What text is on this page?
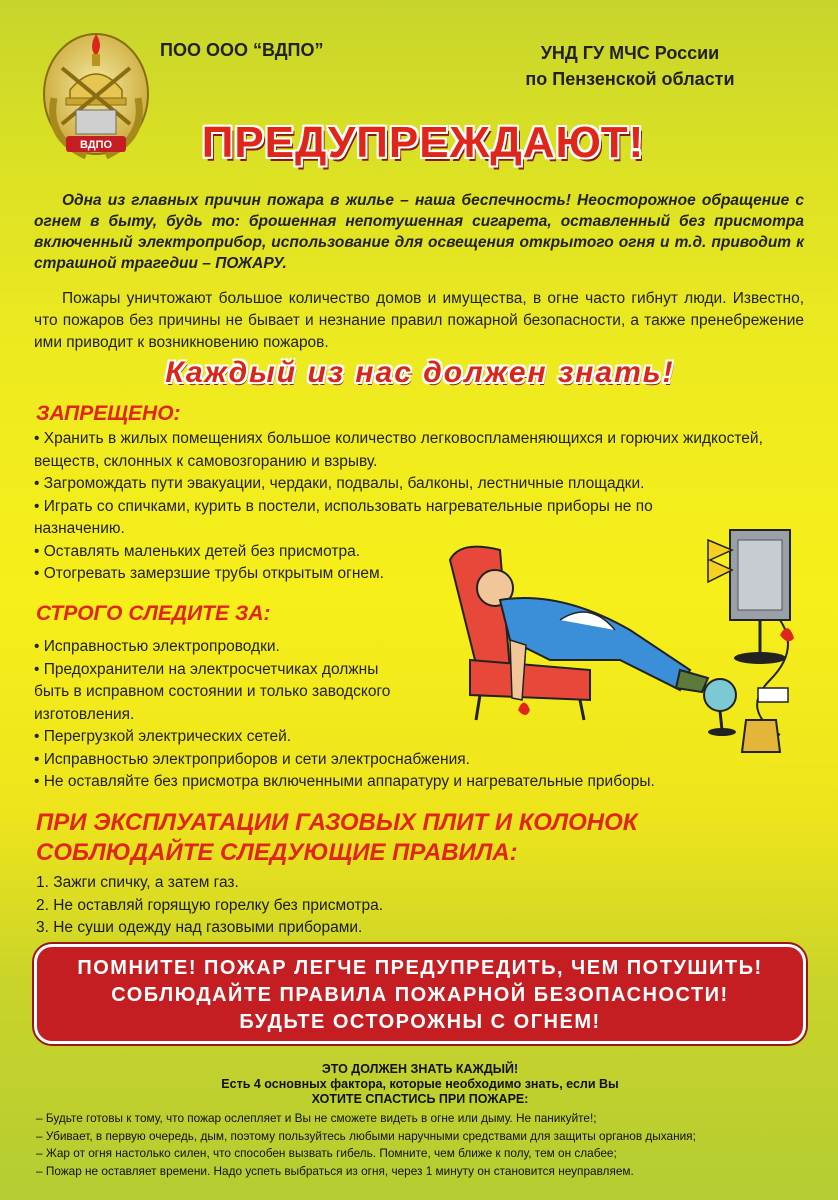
ВДПО
ПОО ООО “ВДПО”	УНД ГУ МЧС России
по Пензенской области
ПРЕДУПРЕЖДАЮТ!
Одна из главных причин пожара в жилье – наша беспечность! Неосторожное обращение с огнем в быту, будь то: брошенная непотушенная сигарета, оставленный без присмотра включенный электроприбор, использование для освещения открытого огня и т.д. приводит к страшной трагедии – ПОЖАРУ.
Пожары уничтожают большое количество домов и имущества, в огне часто гибнут люди. Известно, что пожаров без причины не бывает и незнание правил пожарной безопасности, а также пренебрежение ими приводит к возникновению пожаров.
Каждый из нас должен знать!
ЗАПРЕЩЕНО:
• Хранить в жилых помещениях большое количество легковоспламеняющихся и горючих жидкостей, веществ, склонных к самовозгоранию и взрыву.
• Загромождать пути эвакуации, чердаки, подвалы, балконы, лестничные площадки.
• Играть со спичками, курить в постели, использовать нагревательные приборы не по назначению.
• Оставлять маленьких детей без присмотра.
• Отогревать замерзшие трубы открытым огнем.
СТРОГО СЛЕДИТЕ ЗА:
• Исправностью электропроводки.
• Предохранители на электросчетчиках должны быть в исправном состоянии и только заводского изготовления.
• Перегрузкой электрических сетей.
• Исправностью электроприборов и сети электроснабжения.
• Не оставляйте без присмотра включенными аппаратуру и нагревательные приборы.
ПРИ ЭКСПЛУАТАЦИИ ГАЗОВЫХ ПЛИТ И КОЛОНОК
СОБЛЮДАЙТЕ СЛЕДУЮЩИЕ ПРАВИЛА:
1. Зажги спичку, а затем газ.
2. Не оставляй горящую горелку без присмотра.
3. Не суши одежду над газовыми приборами.
ПОМНИТЕ! ПОЖАР ЛЕГЧЕ ПРЕДУПРЕДИТЬ, ЧЕМ ПОТУШИТЬ!
СОБЛЮДАЙТЕ ПРАВИЛА ПОЖАРНОЙ БЕЗОПАСНОСТИ!
БУДЬТЕ ОСТОРОЖНЫ С ОГНЕМ!
ЭТО ДОЛЖЕН ЗНАТЬ КАЖДЫЙ!
Есть 4 основных фактора, которые необходимо знать, если Вы
ХОТИТЕ СПАСТИСЬ ПРИ ПОЖАРЕ:
– Будьте готовы к тому, что пожар ослепляет и Вы не сможете видеть в огне или дыму. Не паникуйте!;
– Убивает, в первую очередь, дым, поэтому пользуйтесь любыми наручными средствами для защиты органов дыхания;
– Жар от огня настолько силен, что способен вызвать гибель. Помните, чем ближе к полу, тем он слабее;
– Пожар не оставляет времени. Надо успеть выбраться из огня, через 1 минуту он становится неуправляем.
